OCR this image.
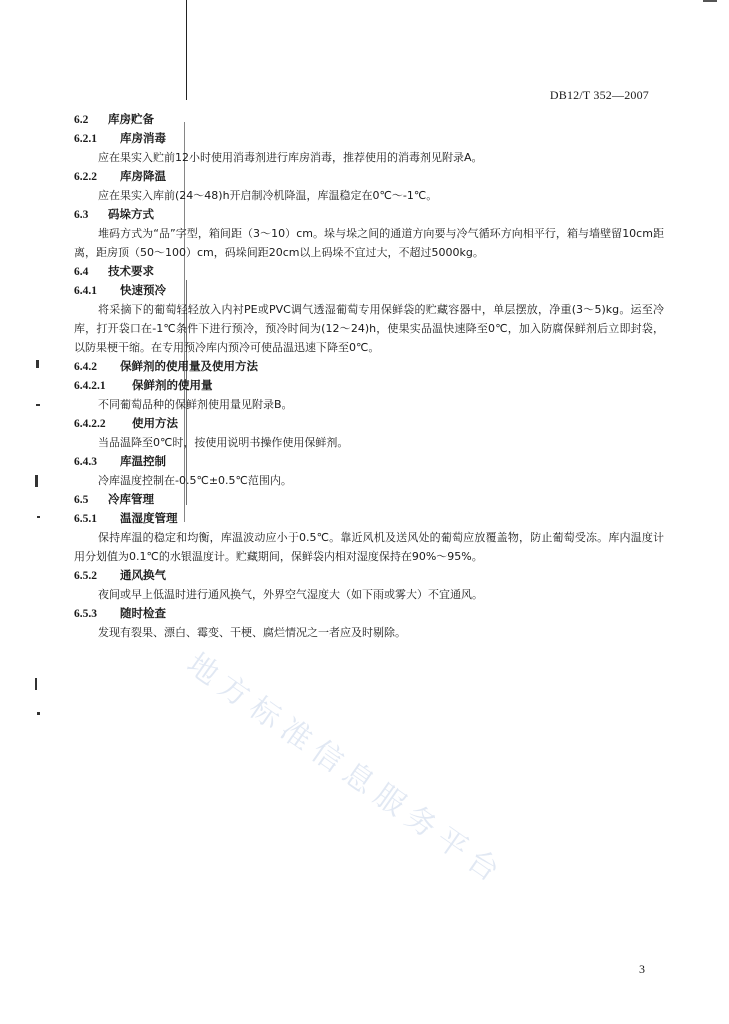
DB12/T 352—2007
6.2 库房贮备
6.2.1 库房消毒

应在果实入贮前12小时使用消毒剂进行库房消毒，推荐使用的消毒剂见附录A。

6.2.2 库房降温

应在果实入库前(24～48)h开启制冷机降温，库温稳定在0℃～-1℃。

6.3 码垛方式

堆码方式为“品”字型，箱间距（3～10）cm。垛与垛之间的通道方向要与冷气循环方向相平行，箱与墙壁留10cm距离，距房顶（50～100）cm，码垛间距20cm以上码垛不宜过大，不超过5000kg。

6.4 技术要求
6.4.1 快速预冷

将采摘下的葡萄轻轻放入内衬PE或PVC调气透湿葡萄专用保鲜袋的贮藏容器中，单层摆放，净重(3～5)kg。运至冷库，打开袋口在-1℃条件下进行预冷，预冷时间为(12～24)h，使果实品温快速降至0℃，加入防腐保鲜剂后立即封袋，以防果梗干缩。在专用预冷库内预冷可使品温迅速下降至0℃。

6.4.2 保鲜剂的使用量及使用方法
6.4.2.1 保鲜剂的使用量

不同葡萄品种的保鲜剂使用量见附录B。

6.4.2.2 使用方法

当品温降至0℃时，按使用说明书操作使用保鲜剂。

6.4.3 库温控制

冷库温度控制在-0.5℃±0.5℃范围内。

6.5 冷库管理
6.5.1 温湿度管理

保持库温的稳定和均衡，库温波动应小于0.5℃。靠近风机及送风处的葡萄应放覆盖物，防止葡萄受冻。库内温度计用分划值为0.1℃的水银温度计。贮藏期间，保鲜袋内相对湿度保持在90%～95%。

6.5.2 通风换气

夜间或早上低温时进行通风换气，外界空气湿度大（如下雨或雾大）不宜通风。

6.5.3 随时检查

发现有裂果、漂白、霉变、干梗、腐烂情况之一者应及时剔除。

地方标准信息服务平台
3
